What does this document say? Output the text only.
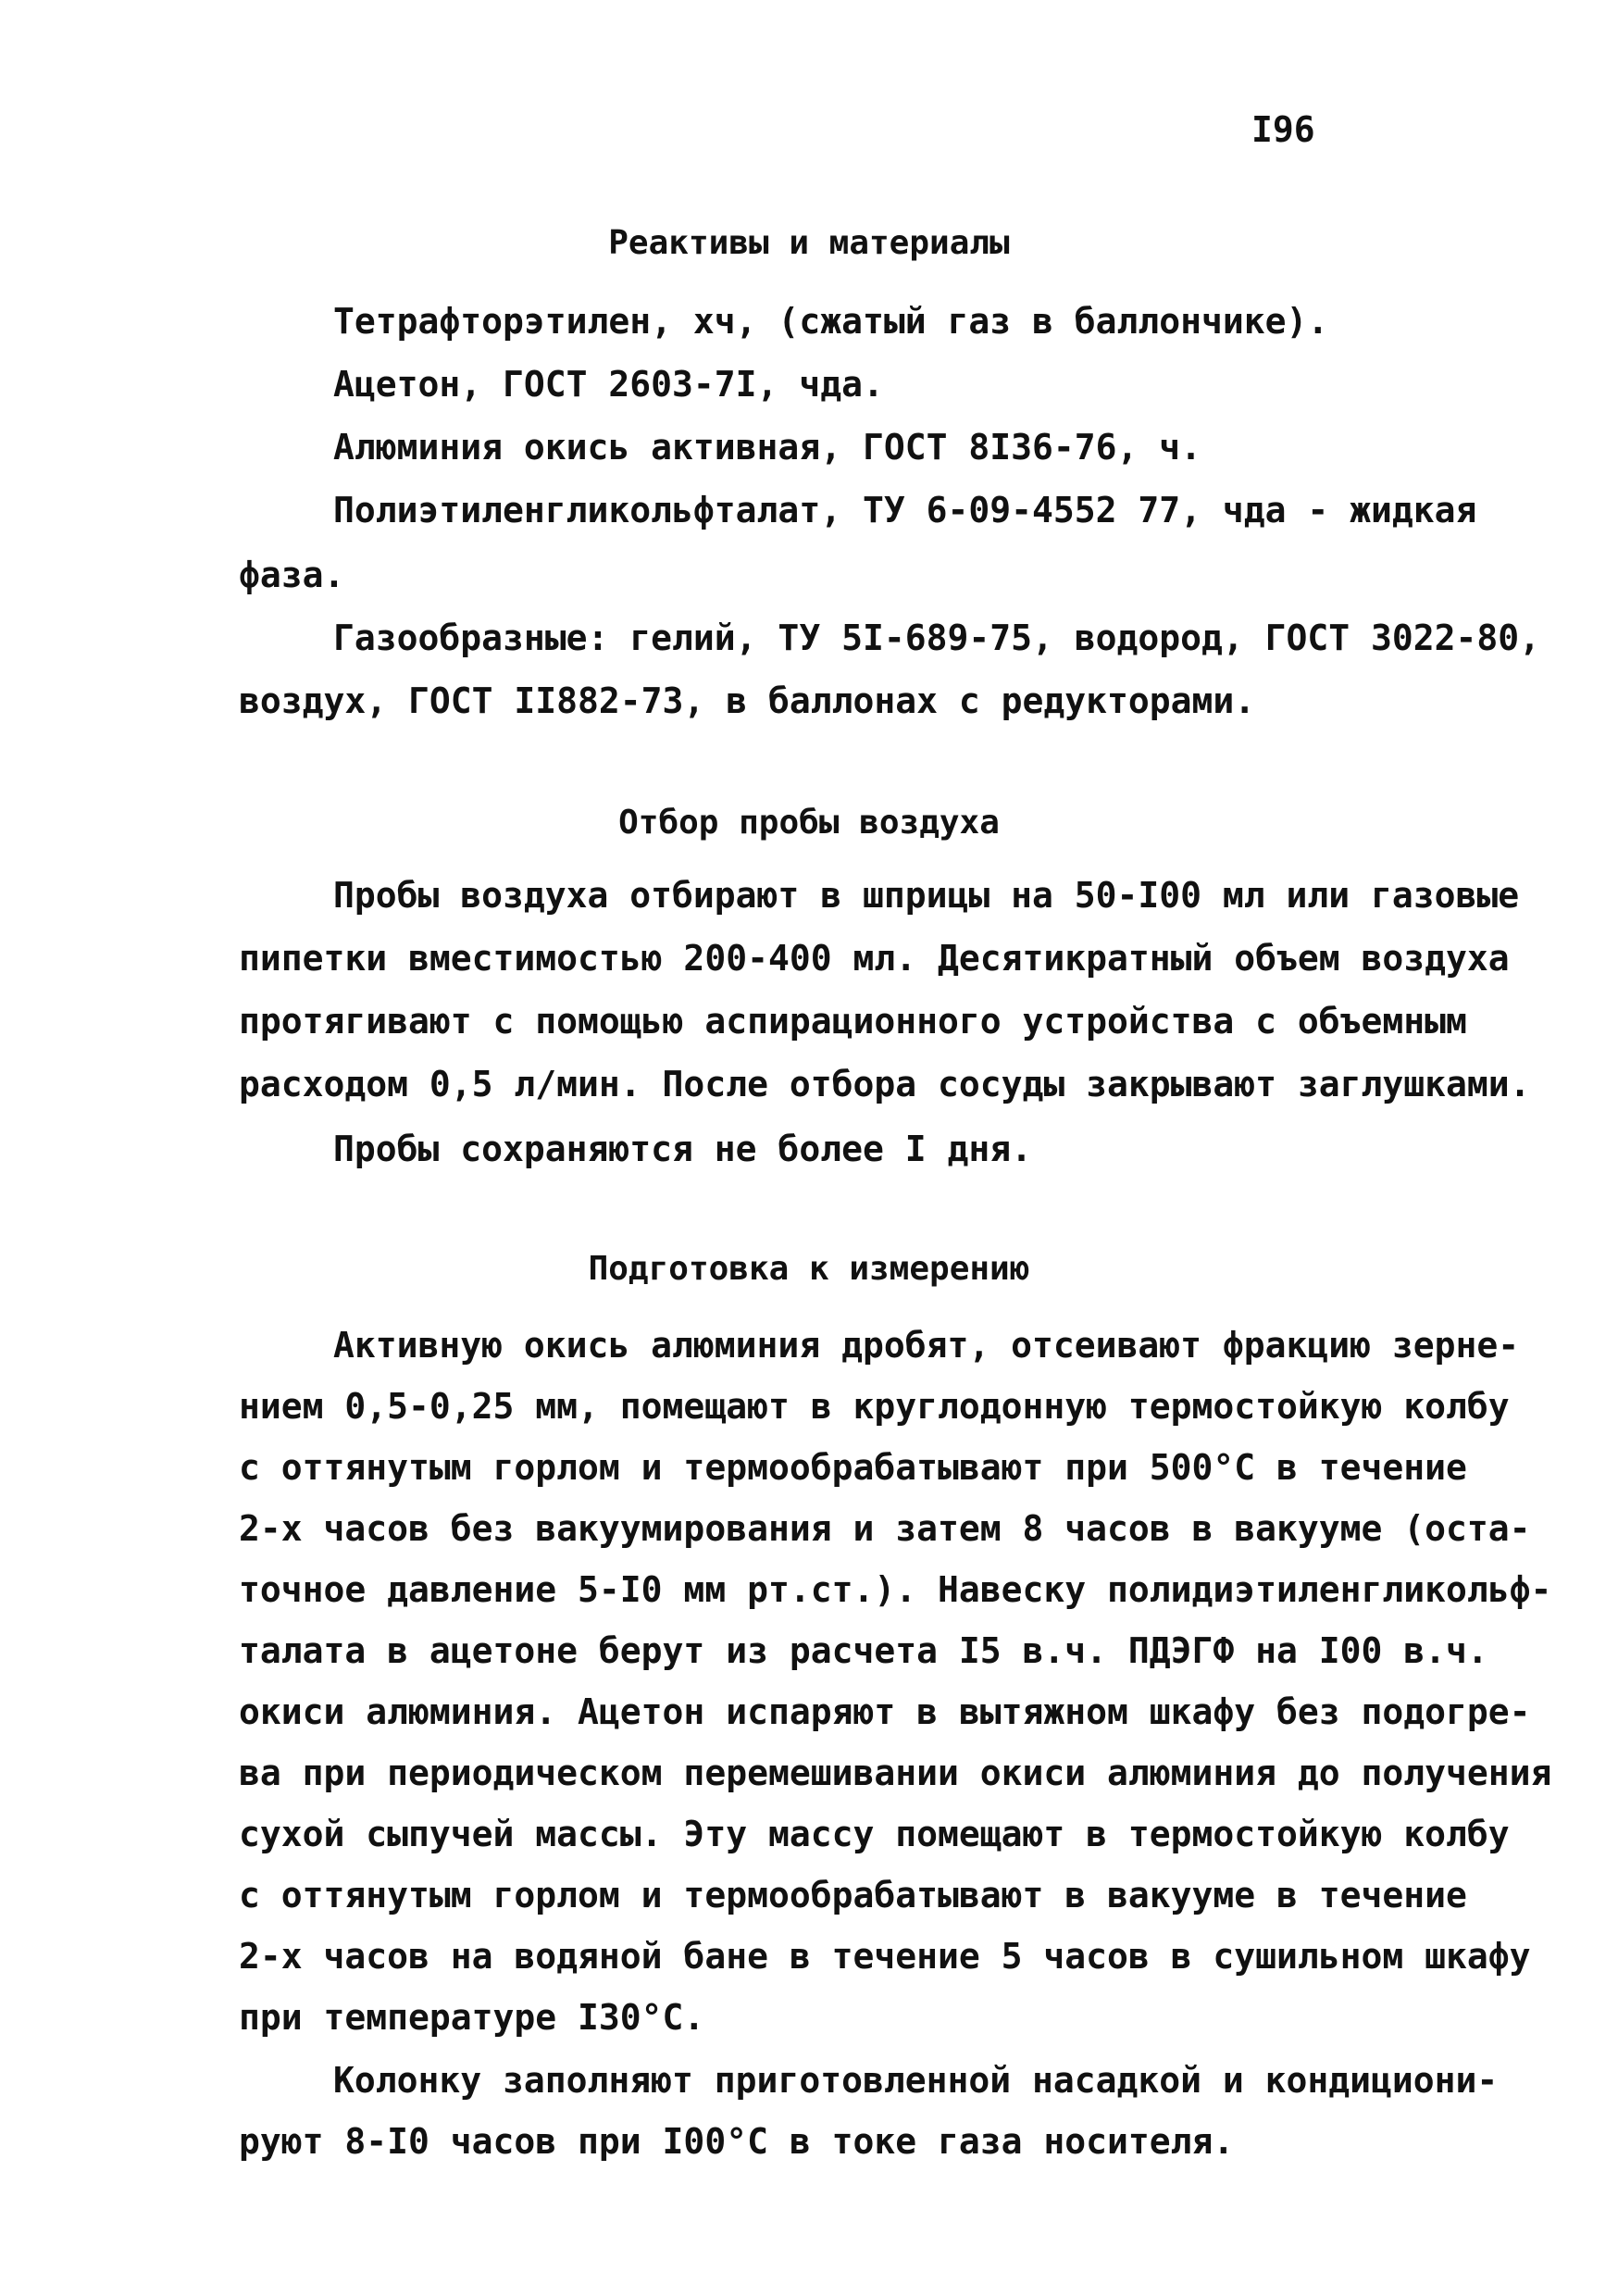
I96
Реактивы и материалы
Тетрафторэтилен, хч, (сжатый газ в баллончике).
Ацетон, ГОСТ 2603-7I, чда.
Алюминия окись активная, ГОСТ 8I36-76, ч.
Полиэтиленгликольфталат, ТУ 6-09-4552 77, чда - жидкая
фаза.
Газообразные: гелий, ТУ 5I-689-75, водород, ГОСТ 3022-80,
воздух, ГОСТ II882-73, в баллонах с редукторами.
Отбор пробы воздуха
Пробы воздуха отбирают в шприцы на 50-I00 мл или газовые
пипетки вместимостью 200-400 мл. Десятикратный объем воздуха
протягивают с помощью аспирационного устройства с объемным
расходом 0,5 л/мин. После отбора сосуды закрывают заглушками.
Пробы сохраняются не более I дня.
Подготовка к измерению
Активную окись алюминия дробят, отсеивают фракцию зерне-
нием 0,5-0,25 мм, помещают в круглодонную термостойкую колбу
с оттянутым горлом и термообрабатывают при 500°С в течение
2-х часов без вакуумирования и затем 8 часов в вакууме (оста-
точное давление 5-I0 мм рт.ст.). Навеску полидиэтиленгликольф-
талата в ацетоне берут из расчета I5 в.ч. ПДЭГФ на I00 в.ч.
окиси алюминия. Ацетон испаряют в вытяжном шкафу без подогре-
ва при периодическом перемешивании окиси алюминия до получения
сухой сыпучей массы. Эту массу помещают в термостойкую колбу
с оттянутым горлом и термообрабатывают в вакууме в течение
2-х часов на водяной бане в течение 5 часов в сушильном шкафу
при температуре I30°С.
Колонку заполняют приготовленной насадкой и кондициони-
руют 8-I0 часов при I00°С в токе газа носителя.
